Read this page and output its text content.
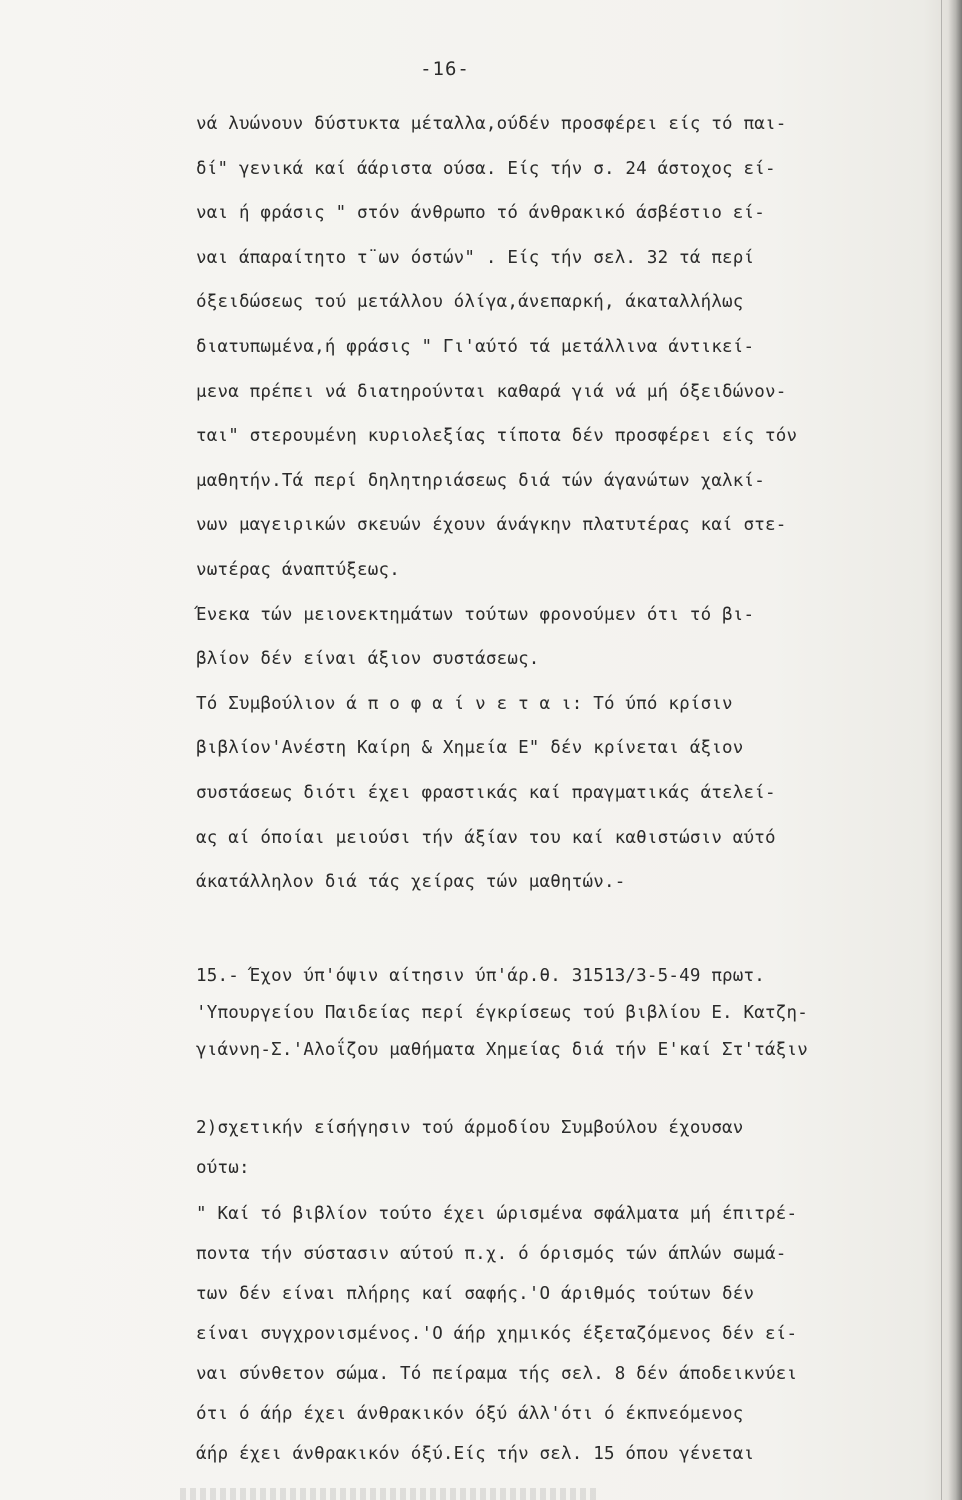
-16-
νά λυώνουν δύστυκτα μέταλλα,ούδέν προσφέρει είς τό παι-
δί" γενικά καί άάριστα ούσα. Είς τήν σ. 24 άστοχος εί-
ναι ή φράσις " στόν άνθρωπο τό άνθρακικό άσβέστιο εί-
ναι άπαραίτητο τ¨ων όστών" . Είς τήν σελ. 32 τά περί
όξειδώσεως τού μετάλλου όλίγα,άνεπαρκή, άκαταλλήλως
διατυπωμένα,ή φράσις " Γι'αύτό τά μετάλλινα άντικεί-
μενα πρέπει νά διατηρούνται καθαρά γιά νά μή όξειδώνον-
ται" στερουμένη κυριολεξίας τίποτα δέν προσφέρει είς τόν
μαθητήν.Τά περί δηλητηριάσεως διά τών άγανώτων χαλκί-
νων μαγειρικών σκευών έχουν άνάγκην πλατυτέρας καί στε-
νωτέρας άναπτύξεως.
Ένεκα τών μειονεκτημάτων τούτων φρονούμεν ότι τό βι-
βλίον δέν είναι άξιον συστάσεως.
Τό Συμβούλιον ά π ο φ α ί ν ε τ α ι: Τό ύπό κρίσιν
βιβλίον'Ανέστη Καίρη & Χημεία Ε" δέν κρίνεται άξιον
συστάσεως διότι έχει φραστικάς καί πραγματικάς άτελεί-
ας αί όποίαι μειούσι τήν άξίαν του καί καθιστώσιν αύτό
άκατάλληλον διά τάς χείρας τών μαθητών.-
15.- Έχον ύπ'όψιν αίτησιν ύπ'άρ.θ. 31513/3-5-49 πρωτ.
'Υπουργείου Παιδείας περί έγκρίσεως τού βιβλίου Ε. Κατζη-
γιάννη-Σ.'Αλοΐζου μαθήματα Χημείας διά τήν Ε'καί Στ'τάξιν
2)σχετικήν είσήγησιν τού άρμοδίου Συμβούλου έχουσαν
ούτω:
" Καί τό βιβλίον τούτο έχει ώρισμένα σφάλματα μή έπιτρέ-
ποντα τήν σύστασιν αύτού π.χ. ό όρισμός τών άπλών σωμά-
των δέν είναι πλήρης καί σαφής.'Ο άριθμός τούτων δέν
είναι συγχρονισμένος.'Ο άήρ χημικός έξεταζόμενος δέν εί-
ναι σύνθετον σώμα. Τό πείραμα τής σελ. 8 δέν άποδεικνύει
ότι ό άήρ έχει άνθρακικόν όξύ άλλ'ότι ό έκπνεόμενος
άήρ έχει άνθρακικόν όξύ.Είς τήν σελ. 15 όπου γένεται
